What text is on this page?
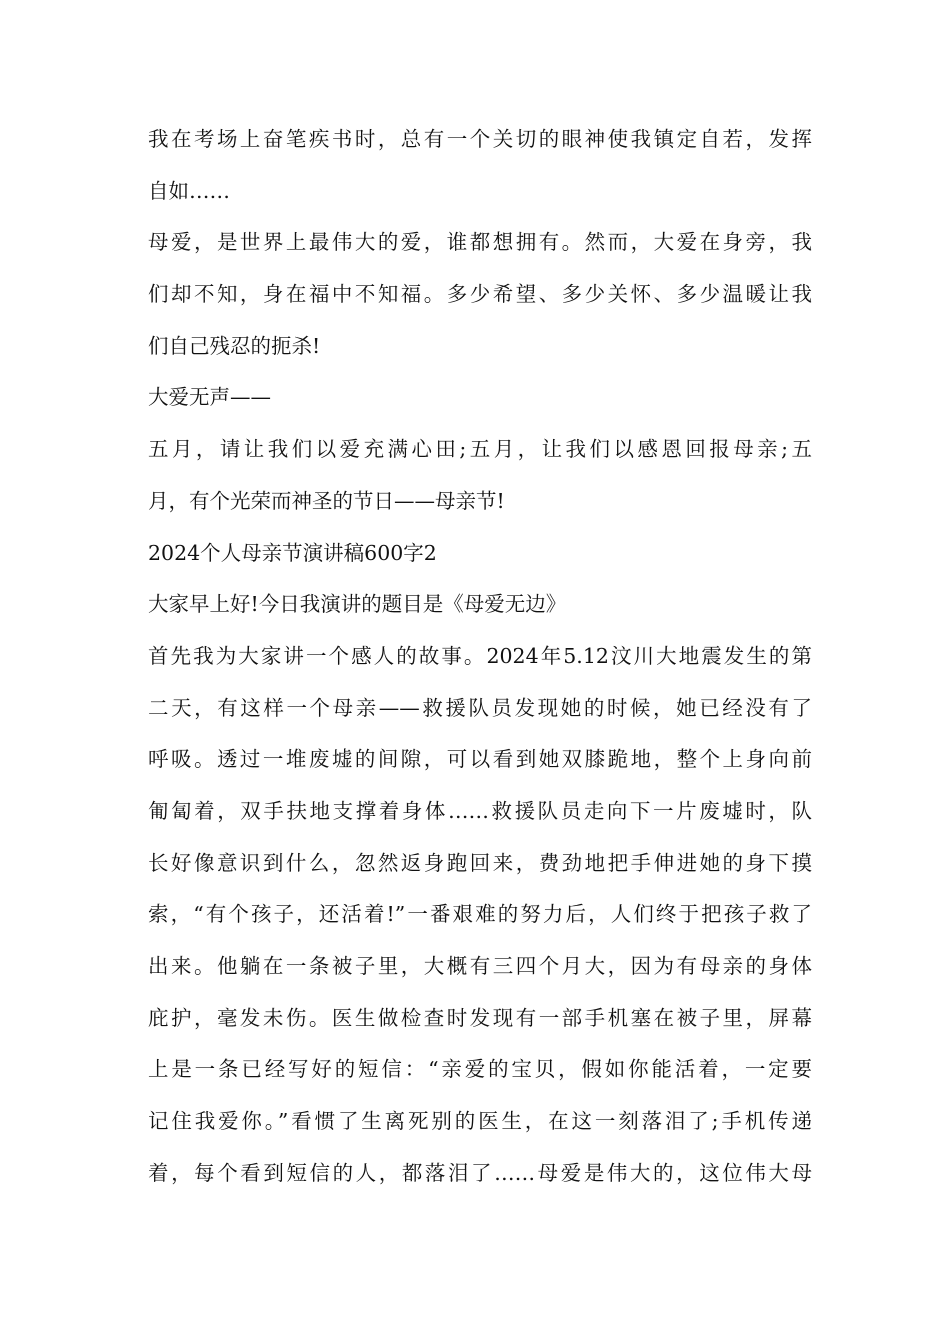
我在考场上奋笔疾书时，总有一个关切的眼神使我镇定自若，发挥
自如……
母爱，是世界上最伟大的爱，谁都想拥有。然而，大爱在身旁，我
们却不知，身在福中不知福。多少希望、多少关怀、多少温暖让我
们自己残忍的扼杀!
大爱无声——
五月，请让我们以爱充满心田;五月，让我们以感恩回报母亲;五
月，有个光荣而神圣的节日——母亲节!
2024个人母亲节演讲稿600字2
大家早上好!今日我演讲的题目是《母爱无边》
首先我为大家讲一个感人的故事。2024年5.12汶川大地震发生的第
二天，有这样一个母亲——救援队员发现她的时候，她已经没有了
呼吸。透过一堆废墟的间隙，可以看到她双膝跪地，整个上身向前
匍匐着，双手扶地支撑着身体……救援队员走向下一片废墟时，队
长好像意识到什么，忽然返身跑回来，费劲地把手伸进她的身下摸
索，“有个孩子，还活着!”一番艰难的努力后，人们终于把孩子救了
出来。他躺在一条被子里，大概有三四个月大，因为有母亲的身体
庇护，毫发未伤。医生做检查时发现有一部手机塞在被子里，屏幕
上是一条已经写好的短信：“亲爱的宝贝，假如你能活着，一定要
记住我爱你。”看惯了生离死别的医生，在这一刻落泪了;手机传递
着，每个看到短信的人，都落泪了……母爱是伟大的，这位伟大母
